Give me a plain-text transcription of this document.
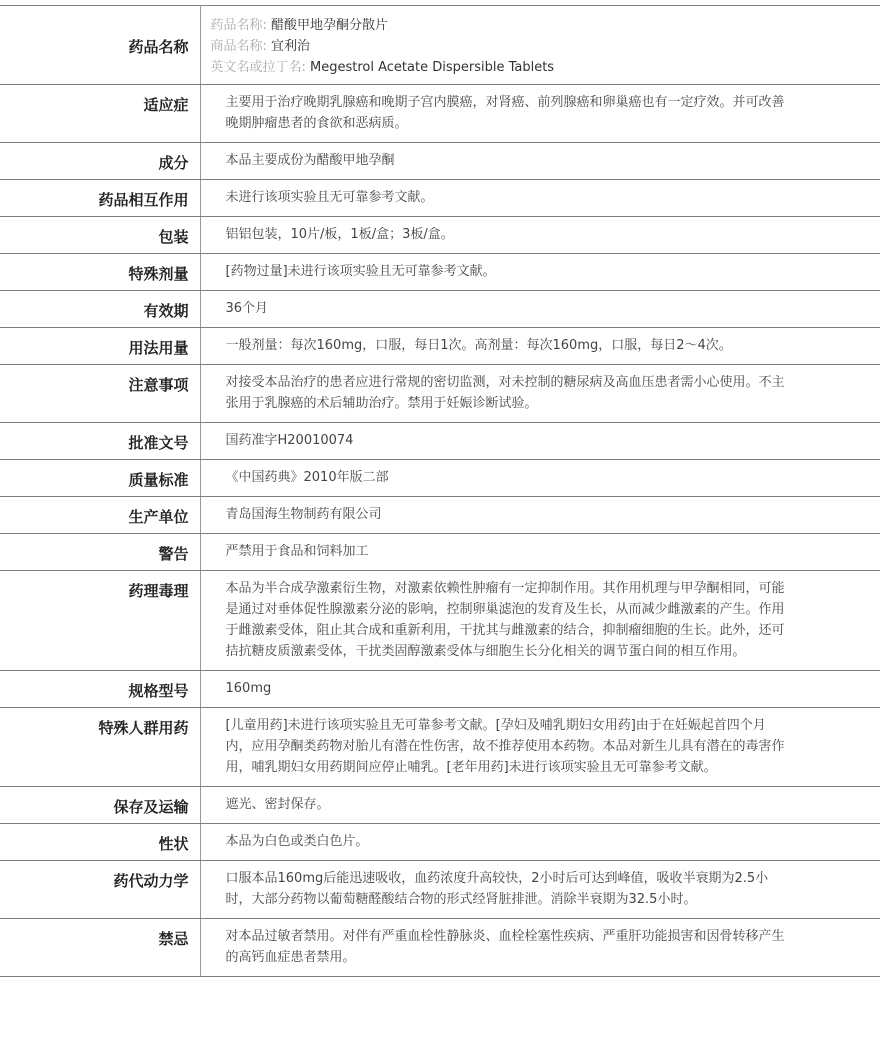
药品名称	药品名称: 醋酸甲地孕酮分散片
商品名称: 宜利治
英文名或拉丁名: Megestrol Acetate Dispersible Tablets

适应症	主要用于治疗晚期乳腺癌和晚期子宫内膜癌，对肾癌、前列腺癌和卵巢癌也有一定疗效。并可改善晚期肿瘤患者的食欲和恶病质。
成分	本品主要成份为醋酸甲地孕酮
药品相互作用	未进行该项实验且无可靠参考文献。
包装	铝铝包装，10片/板，1板/盒；3板/盒。
特殊剂量	[药物过量]未进行该项实验且无可靠参考文献。
有效期	36个月
用法用量	一般剂量：每次160mg，口服，每日1次。高剂量：每次160mg，口服，每日2～4次。
注意事项	对接受本品治疗的患者应进行常规的密切监测，对未控制的糖尿病及高血压患者需小心使用。不主张用于乳腺癌的术后辅助治疗。禁用于妊娠诊断试验。
批准文号	国药准字H20010074
质量标准	《中国药典》2010年版二部
生产单位	青岛国海生物制药有限公司
警告	严禁用于食品和饲料加工
药理毒理	本品为半合成孕激素衍生物，对激素依赖性肿瘤有一定抑制作用。其作用机理与甲孕酮相同，可能是通过对垂体促性腺激素分泌的影响，控制卵巢滤泡的发育及生长，从而减少雌激素的产生。作用于雌激素受体，阻止其合成和重新利用，干扰其与雌激素的结合，抑制瘤细胞的生长。此外，还可拮抗糖皮质激素受体，干扰类固醇激素受体与细胞生长分化相关的调节蛋白间的相互作用。
规格型号	160mg
特殊人群用药	[儿童用药]未进行该项实验且无可靠参考文献。[孕妇及哺乳期妇女用药]由于在妊娠起首四个月内，应用孕酮类药物对胎儿有潜在性伤害，故不推荐使用本药物。本品对新生儿具有潜在的毒害作用，哺乳期妇女用药期间应停止哺乳。[老年用药]未进行该项实验且无可靠参考文献。
保存及运输	遮光、密封保存。
性状	本品为白色或类白色片。
药代动力学	口服本品160mg后能迅速吸收，血药浓度升高较快，2小时后可达到峰值，吸收半衰期为2.5小时，大部分药物以葡萄糖醛酸结合物的形式经肾脏排泄。消除半衰期为32.5小时。
禁忌	对本品过敏者禁用。对伴有严重血栓性静脉炎、血栓栓塞性疾病、严重肝功能损害和因骨转移产生的高钙血症患者禁用。
